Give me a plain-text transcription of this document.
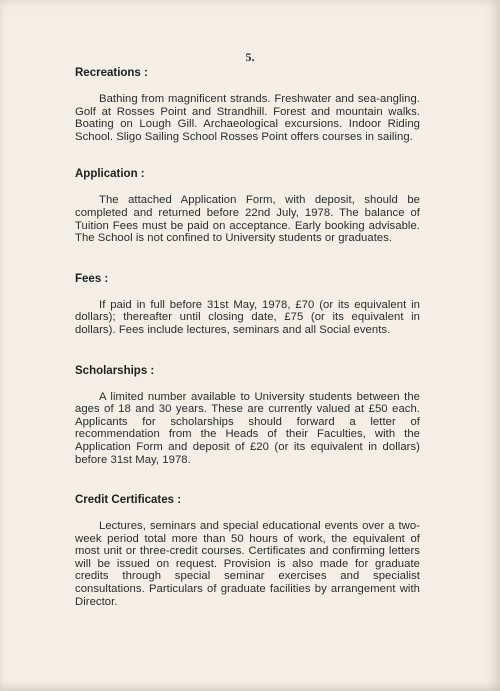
5.
Recreations :

Bathing from magnificent strands. Freshwater and sea-angling. Golf at Rosses Point and Strandhill. Forest and mountain walks. Boating on Lough Gill. Archaeological excursions. Indoor Riding School. Sligo Sailing School Rosses Point offers courses in sailing.

Application :

The attached Application Form, with deposit, should be completed and returned before 22nd July, 1978. The balance of Tuition Fees must be paid on acceptance. Early booking advisable. The School is not confined to University students or graduates.

Fees :

If paid in full before 31st May, 1978, £70 (or its equivalent in dollars); thereafter until closing date, £75 (or its equivalent in dollars). Fees include lectures, seminars and all Social events.

Scholarships :

A limited number available to University students between the ages of 18 and 30 years. These are currently valued at £50 each. Applicants for scholarships should forward a letter of recommendation from the Heads of their Faculties, with the Application Form and deposit of £20 (or its equivalent in dollars) before 31st May, 1978.

Credit Certificates :

Lectures, seminars and special educational events over a two-week period total more than 50 hours of work, the equivalent of most unit or three-credit courses. Certificates and confirming letters will be issued on request. Provision is also made for graduate credits through special seminar exercises and specialist consultations. Particulars of graduate facilities by arrangement with Director.
